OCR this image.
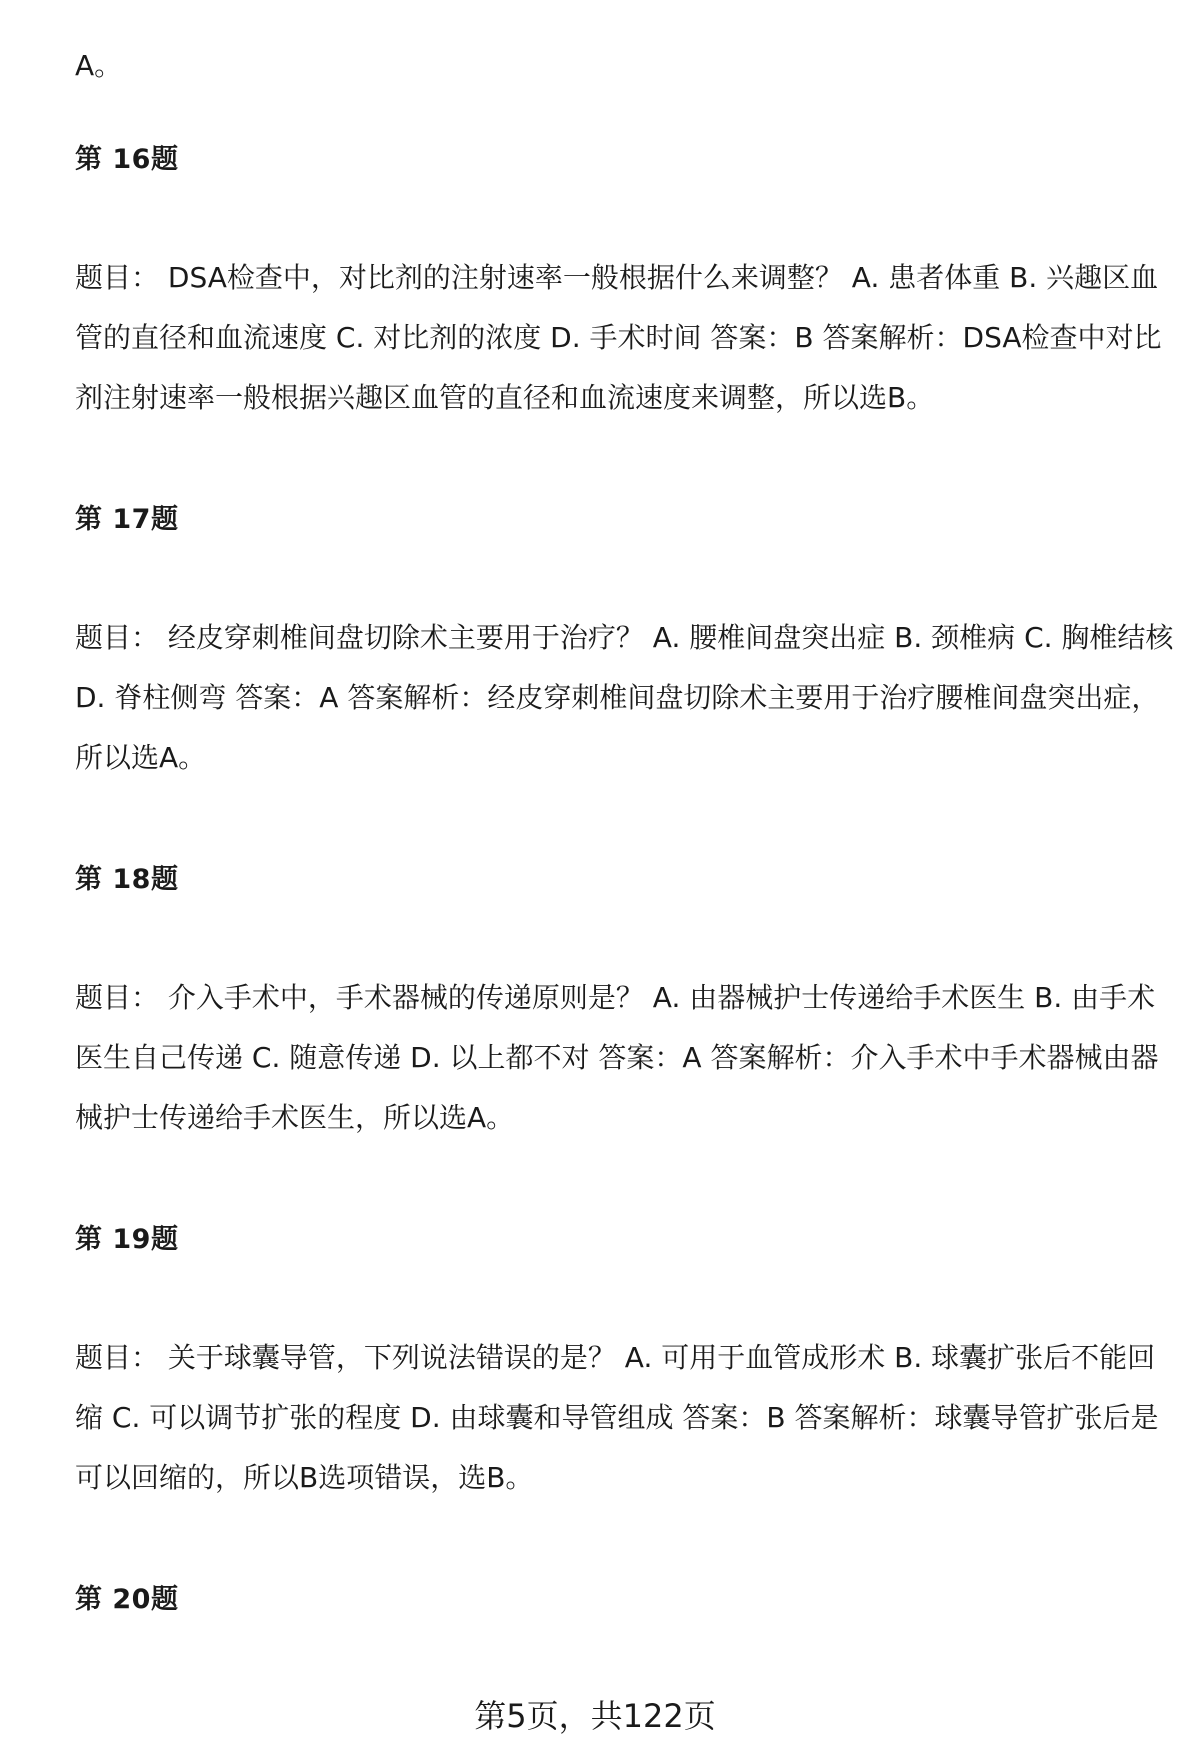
A。

第 16题

题目： DSA检查中，对比剂的注射速率一般根据什么来调整？ A. 患者体重 B. 兴趣区血管的直径和血流速度 C. 对比剂的浓度 D. 手术时间 答案：B 答案解析：DSA检查中对比剂注射速率一般根据兴趣区血管的直径和血流速度来调整，所以选B。

第 17题

题目： 经皮穿刺椎间盘切除术主要用于治疗？ A. 腰椎间盘突出症 B. 颈椎病 C. 胸椎结核 D. 脊柱侧弯 答案：A 答案解析：经皮穿刺椎间盘切除术主要用于治疗腰椎间盘突出症，所以选A。

第 18题

题目： 介入手术中，手术器械的传递原则是？ A. 由器械护士传递给手术医生 B. 由手术医生自己传递 C. 随意传递 D. 以上都不对 答案：A 答案解析：介入手术中手术器械由器械护士传递给手术医生，所以选A。

第 19题

题目： 关于球囊导管，下列说法错误的是？ A. 可用于血管成形术 B. 球囊扩张后不能回缩 C. 可以调节扩张的程度 D. 由球囊和导管组成 答案：B 答案解析：球囊导管扩张后是可以回缩的，所以B选项错误，选B。

第 20题

第5页，共122页
